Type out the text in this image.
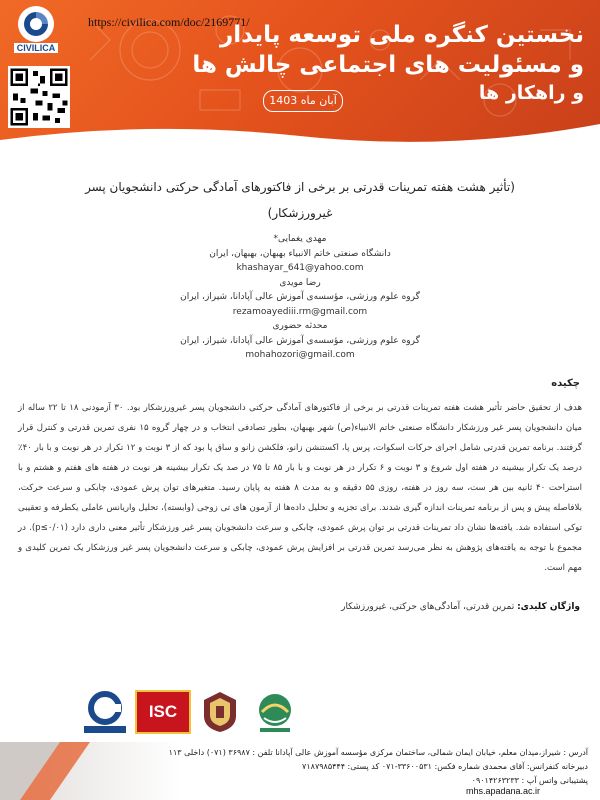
CIVILICA
https://civilica.com/doc/2169771/
نخستین کنگره ملی توسعه پایدار
و مسئولیت های اجتماعی چالش ها
و راهکار ها
آبان ماه 1403
(تأثیر هشت هفته تمرینات قدرتی بر برخی از فاکتورهای آمادگی حرکتی دانشجویان پسر
غیرورزشکار)
مهدی یغمایی*
دانشگاه صنعتی خاتم الانبیاء بهبهان، بهبهان، ایران
khashayar_641@yahoo.com
رضا مویدی
گروه علوم ورزشی، مؤسسه‌ی آموزش عالی آپادانا، شیراز، ایران
rezamoayediii.rm@gmail.com
محدثه حضوری
گروه علوم ورزشی، مؤسسه‌ی آموزش عالی آپادانا، شیراز، ایران
mohahozori@gmail.com
چکیده
هدف از تحقیق حاضر تأثیر هشت هفته تمرینات قدرتی بر برخی از فاکتورهای آمادگی حرکتی دانشجویان پسر غیرورزشکار بود. ۳۰ آزمودنی ۱۸ تا ۲۲ ساله از میان دانشجویان پسر غیر ورزشکار دانشگاه صنعتی خاتم الانبیاء(ص) شهر بهبهان، بطور تصادفی انتخاب و در چهار گروه ۱۵ نفری تمرین قدرتی و کنترل قرار گرفتند. برنامه تمرین قدرتی شامل اجرای حرکات اسکوات، پرس پا، اکستنشن زانو، فلکشن زانو و ساق پا بود که از ۳ نوبت و ۱۲ تکرار در هر نوبت و با بار ۴۰٪ درصد یک تکرار بیشینه در هفته اول شروع و ۳ نوبت و ۶ تکرار در هر نوبت و با بار ۸۵ تا ۷۵ در صد یک تکرار بیشینه هر نوبت در هفته های هفتم و هشتم و با استراحت ۴۰ ثانیه بین هر ست، سه روز در هفته، روزی ۵۵ دقیقه و به مدت ۸ هفته به پایان رسید. متغیرهای توان پرش عمودی، چابکی و سرعت حرکت، بلافاصله پیش و پس از برنامه تمرینات اندازه گیری شدند. برای تجزیه و تحلیل داده‌ها از آزمون های تی زوجی (وابسته)، تحلیل واریانس عاملی یکطرفه و تعقیبی توکی استفاده شد. یافته‌ها نشان داد تمرینات قدرتی بر توان پرش عمودی، چابکی و سرعت دانشجویان پسر غیر ورزشکار تأثیر معنی داری دارد (p≤۰/۰۱). در مجموع با توجه به یافته‌های پژوهش به نظر می‌رسد تمرین قدرتی بر افزایش پرش عمودی، چابکی و سرعت دانشجویان پسر غیر ورزشکار یک تمرین کلیدی و مهم است.
واژگان کلیدی: تمرین قدرتی، آمادگی‌های حرکتی، غیرورزشکار
ISC
آدرس : شیراز،میدان معلم، خیابان ایمان شمالی، ساختمان مرکزی مؤسسه آموزش عالی آپادانا تلفن : ۳۶۹۸۷ (۰۷۱) داخلی ۱۱۳
دبیرخانه کنفرانس: آقای محمدی شماره فکس: ۳۳۶۰۰۵۳۱-۰۷۱ کد پستی: ۷۱۸۷۹۸۵۴۴۴
پشتیبانی واتس آپ : ۰۹۰۱۴۲۶۳۲۳۳
mhs.apadana.ac.ir
